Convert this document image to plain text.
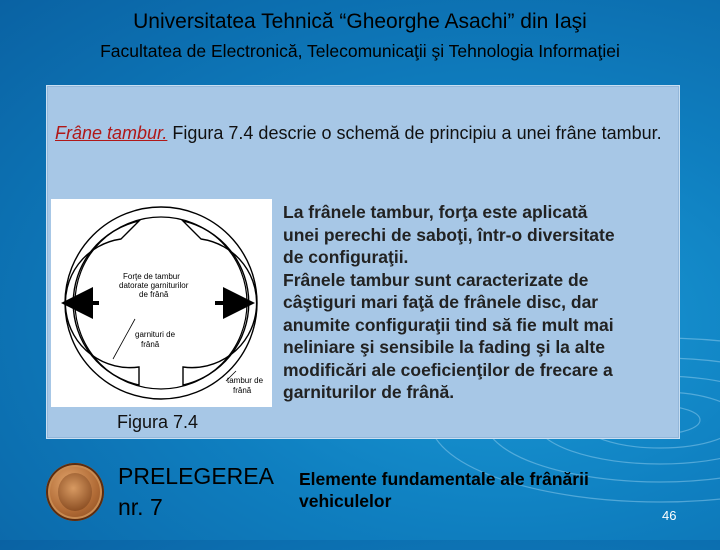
Universitatea Tehnică “Gheorghe Asachi” din Iaşi
Facultatea de Electronică, Telecomunicaţii şi Tehnologia Informaţiei
Frâne tambur. Figura 7.4 descrie o schemă de principiu a unei frâne tambur.
Forţe de tambur
datorate garniturilor
de frână
garnituri de
frână
tambur de
frână
Figura 7.4
La frânele tambur, forţa este aplicată
unei perechi de saboţi, într-o diversitate
de configuraţii.
Frânele tambur sunt caracterizate de
câştiguri mari faţă de frânele disc, dar
anumite configuraţii tind să fie mult mai
neliniare şi sensibile la fading şi la alte
modificări ale coeficienţilor de frecare a
garniturilor de frână.
PRELEGEREA
nr. 7
Elemente fundamentale ale frânării
vehiculelor
46
